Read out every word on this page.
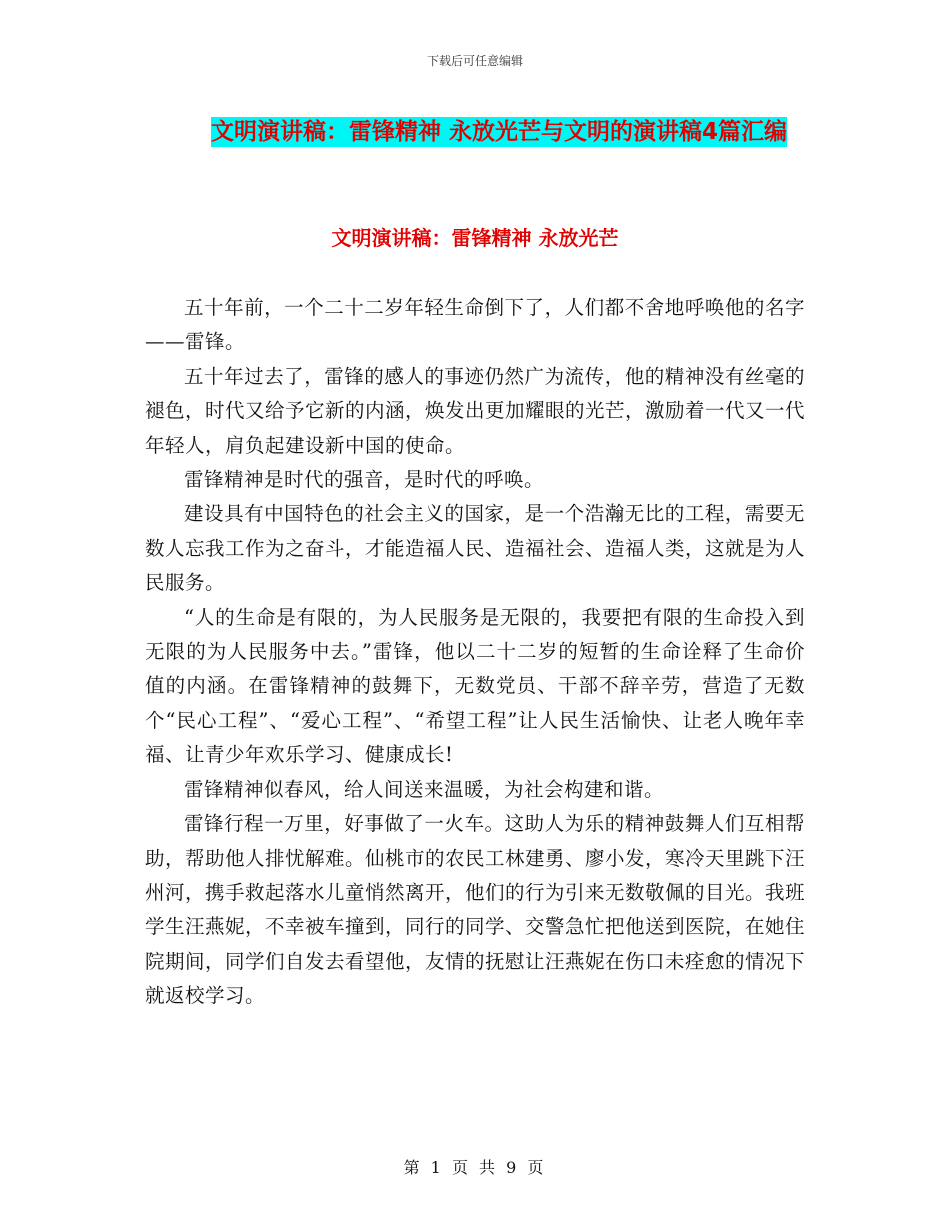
下载后可任意编辑
文明演讲稿：雷锋精神 永放光芒与文明的演讲稿4篇汇编
文明演讲稿：雷锋精神 永放光芒

五十年前，一个二十二岁年轻生命倒下了，人们都不舍地呼唤他的名字——雷锋。

五十年过去了，雷锋的感人的事迹仍然广为流传，他的精神没有丝毫的褪色，时代又给予它新的内涵，焕发出更加耀眼的光芒，激励着一代又一代年轻人，肩负起建设新中国的使命。

雷锋精神是时代的强音，是时代的呼唤。

建设具有中国特色的社会主义的国家，是一个浩瀚无比的工程，需要无数人忘我工作为之奋斗，才能造福人民、造福社会、造福人类，这就是为人民服务。

“人的生命是有限的，为人民服务是无限的，我要把有限的生命投入到无限的为人民服务中去。”雷锋，他以二十二岁的短暂的生命诠释了生命价值的内涵。在雷锋精神的鼓舞下，无数党员、干部不辞辛劳，营造了无数个“民心工程”、“爱心工程”、“希望工程”让人民生活愉快、让老人晚年幸福、让青少年欢乐学习、健康成长!

雷锋精神似春风，给人间送来温暖，为社会构建和谐。

雷锋行程一万里，好事做了一火车。这助人为乐的精神鼓舞人们互相帮助，帮助他人排忧解难。仙桃市的农民工林建勇、廖小发，寒冷天里跳下汪州河，携手救起落水儿童悄然离开，他们的行为引来无数敬佩的目光。我班学生汪燕妮，不幸被车撞到，同行的同学、交警急忙把他送到医院，在她住院期间，同学们自发去看望他，友情的抚慰让汪燕妮在伤口未痊愈的情况下就返校学习。

第 1 页 共 9 页
